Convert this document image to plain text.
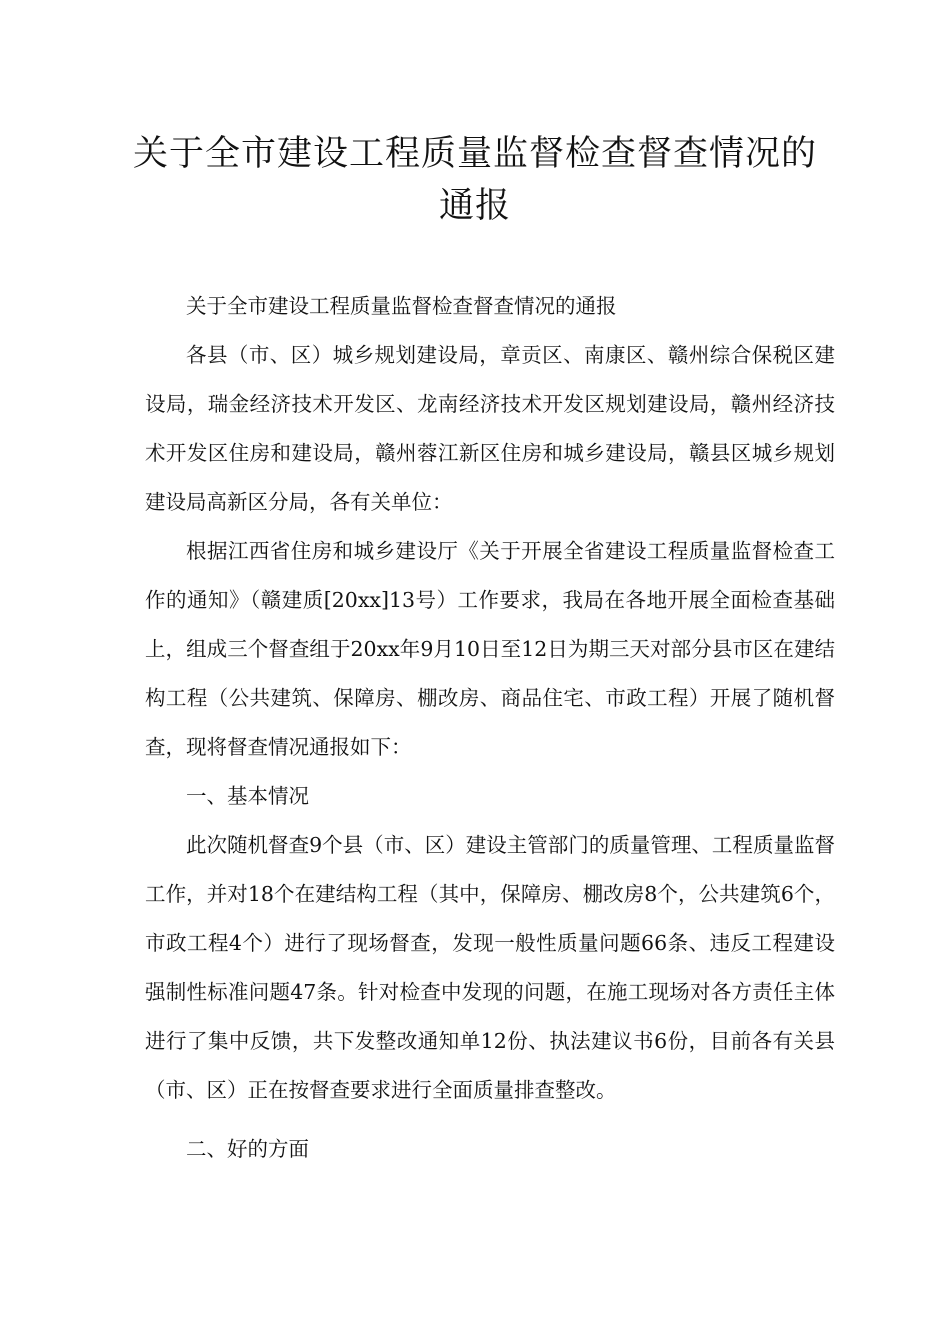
关于全市建设工程质量监督检查督查情况的通报

关于全市建设工程质量监督检查督查情况的通报

各县（市、区）城乡规划建设局，章贡区、南康区、赣州综合保税区建设局，瑞金经济技术开发区、龙南经济技术开发区规划建设局，赣州经济技术开发区住房和建设局，赣州蓉江新区住房和城乡建设局，赣县区城乡规划建设局高新区分局，各有关单位：

根据江西省住房和城乡建设厅《关于开展全省建设工程质量监督检查工作的通知》（赣建质[20xx]13号）工作要求，我局在各地开展全面检查基础上，组成三个督查组于20xx年9月10日至12日为期三天对部分县市区在建结构工程（公共建筑、保障房、棚改房、商品住宅、市政工程）开展了随机督查，现将督查情况通报如下：

一、基本情况

此次随机督查9个县（市、区）建设主管部门的质量管理、工程质量监督工作，并对18个在建结构工程（其中，保障房、棚改房8个，公共建筑6个，市政工程4个）进行了现场督查，发现一般性质量问题66条、违反工程建设强制性标准问题47条。针对检查中发现的问题，在施工现场对各方责任主体进行了集中反馈，共下发整改通知单12份、执法建议书6份，目前各有关县（市、区）正在按督查要求进行全面质量排查整改。

二、好的方面
